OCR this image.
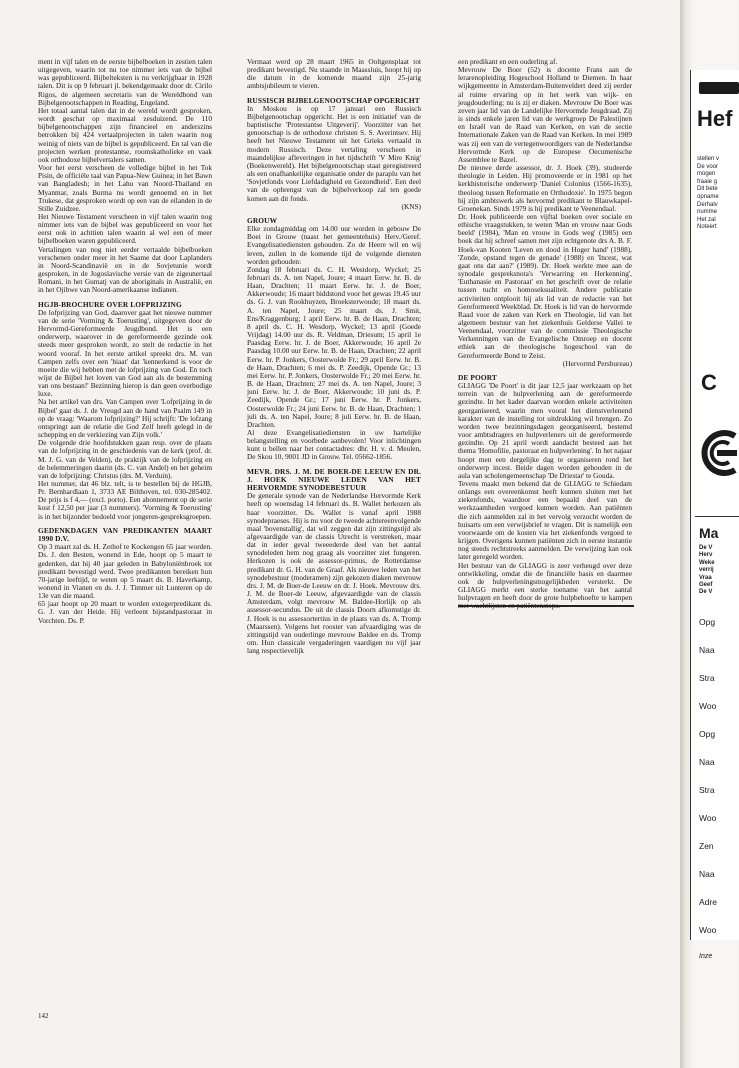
ment in vijf talen en de eerste bijbelboeken in zestien talen uitgegeven, waarin tot nu toe nimmer iets van de bijbel was gepubliceerd. Bijbelteksten is nu verkrijgbaar in 1928 talen. Dit is op 9 februari jl. bekendgemaakt door dr. Cirilo Rigos, de algemeen secretaris van de Wereldbond van Bijbelgenootschappen in Reading, Engeland.

Het totaal aantal talen dat in de wereld wordt gesproken, wordt geschat op maximaal zesduizend. De 110 bijbelgenootschappen zijn financieel en anderszins betrokken bij 424 vertaalprojecten in talen waarin nog weinig of niets van de bijbel is gepubliceerd. En tal van die projecten werken protestantse, roomskatholieke en vaak ook orthodoxe bijbelvertalers samen.

Voor het eerst verscheen de volledige bijbel in het Tok Pisin, de officiële taal van Papua-New Guinea; in het Bawn van Bangladesh; in het Lahu van Noord-Thailand en Myanmar, zoals Burma nu wordt genoemd en in het Trukese, dat gesproken wordt op een van de eilanden in de Stille Zuidzee.

Het Nieuwe Testament verscheen in vijf talen waarin nog nimmer iets van de bijbel was gepubliceerd en voor het eerst ook in achttien talen waarin al wel een of meer bijbelboeken waren gepubliceerd.

Vertalingen van nog niet eerder vertaalde bijbelboeken verschenen onder meer in het Saame dat door Laplanders in Noord-Scandinavië en in de Sovjetunie wordt gesproken, in de Jogoslavische versie van de zigeunertaal Romani, in het Gumatj van de aboriginals in Australië, en in het Ojibwe van Noord-amerikaanse indianen.

HGJB-BROCHURE OVER LOFPRIJZING

De lofprijzing van God, daarover gaat het nieuwe nummer van de serie 'Vorming & Toerusting', uitgegeven door de Hervormd-Gereformeerde Jeugdbond. Het is een onderwerp, waarover in de gereformeerde gezinde ook steeds meer gesproken wordt, zo stelt de redactie in het woord vooraf. In het eerste artikel spreekt drs. M. van Campen zelfs over een 'hiaat' dat 'kennerkend is voor de moeite die wij hebben met de lofprijzing van God. En toch wijst de Bijbel het loven van God aan als de bestemming van ons bestaan!' Bezinning hierop is dan geen overbodige luxe.

Na het artikel van drs. Van Campen over 'Lofprijzing in de Bijbel' gaat ds. J. de Vreugd aan de hand van Psalm 149 in op de vraag: 'Waarom lofprijzing?' Hij schrijft: 'De lofzang ontspringt aan de relatie die God Zelf heeft gelegd in de schepping en de verkiezing van Zijn volk.'

De volgende drie hoofdstukken gaan resp. over de plaats van de lofprijzing in de geschiedenis van de kerk (prof. dr. M. J. G. van de Velden), de praktijk van de lofprijzing en de belemmeringen daarin (ds. C. van Andel) en het geheim van de lofprijzing: Christus (drs. M. Verduin).

Het nummer, dat 46 blz. telt, is te bestellen bij de HGJB, Pr. Bernhardlaan 1, 3733 AE Bilthoven, tel. 030-285402. De prijs is f 4,— (excl. porto). Een abonnement op de serie kost f 12,50 per jaar (3 nummers). 'Vorming & Toerusting' is in het bijzonder bedoeld voor jongeren-gespreksgroepen.

GEDENKDAGEN VAN PREDIKANTEN MAART 1990 D.V.

Op 3 maart zal ds. H. Zethof te Kockengen 65 jaar worden. Ds. J. den Besten, wonend in Ede, hoopt op 5 maart te gedenken, dat hij 40 jaar geleden in Babyloniënbroek tot predikant bevestigd werd. Twee predikanten bereiken hun 70-jarige leeftijd, te weten op 5 maart ds. B. Haverkamp, wonend in Vianen en ds. J. J. Timmer uit Lunteren op de 13e van die maand.

65 jaar hoopt op 20 maart te worden extegerpredikant ds. G. J. van der Heide. Hij verleent bijstandpastoraat in Vorchten. Ds. P.

Vermaat werd op 28 maart 1965 in Ooltgensplaat tot predikant bevestigd. Nu staande in Maassluis, hoopt hij op die datum in de komende maand zijn 25-jarig ambtsjubileum te vieren.

RUSSISCH BIJBELGENOOTSCHAP OPGERICHT

In Moskou is op 17 januari een Russisch Bijbelgenootschap opgericht. Het is een initiatief van de baptistische 'Protestantse Uitgeverij'. Voorzitter van het genootschap is de orthodoxe christen S. S. Averintsev. Hij heeft het Nieuwe Testament uit het Grieks vertaald in modern Russisch. Deze vertaling verscheen in maandelijkse afleveringen in het tijdschrift 'V Mire Knig' (Boekenwereld). Het bijbelgenootschap staat geregistreerd als een onafhankelijke organisatie onder de paraplu van het 'Sovjetfonds voor Liefdadigheid en Gezondheid'. Een deel van de opbrengst van de bijbelverkoop zal ten goede komen aan dit fonds.

(KNS)

GROUW

Elke zondagmiddag om 14.00 uur worden in gebouw De Boei in Grouw (naast het gemeentehuis) Herv./Geref. Evangelisatiediensten gehouden. Zo de Heere wil en wij leven, zullen in de komende tijd de volgende diensten worden gehouden:

Zondag 18 februari ds. C. H. Westdorp, Wyckel; 25 februari ds. A. ten Napel, Joure; 4 maart Eerw. hr. B. de Haan, Drachten; 11 maart Eerw. hr. J. de Boer, Akkerwoude; 16 maart biddstond voor het gewas 19.45 uur ds. G. J. van Rookhuyzen, Broeksterwoude; 18 maart ds. A. ten Napel, Joure; 25 maart ds. J. Smit, Ens/Kraggenburg; 1 april Eerw. hr. B. de Haan, Drachten; 8 april ds. C. H. Wesdorp, Wyckel; 13 april (Goede Vrijdag) 14.00 uur ds. R. Veldman, Driesum; 15 april 1e Paasdag Eerw. hr. J. de Boer, Akkerwoude; 16 april 2e Paasdag 10.00 uur Eerw. hr. B. de Haan, Drachten; 22 april Eerw. hr. P. Jonkers, Oosterwolde Fr.; 29 april Eerw. hr. B. de Haan, Drachten; 6 mei ds. P. Zeedijk, Opende Gr.; 13 mei Eerw. hr. P. Jonkers, Oosterwolde Fr.; 20 mei Eerw. hr. B. de Haan, Drachten; 27 mei ds. A. ten Napel, Joure; 3 juni Eerw. hr. J. de Boer, Akkerwoude; 10 juni ds. P. Zeedijk, Opende Gr.; 17 juni Eerw. hr. P. Jonkers, Oosterwolde Fr.; 24 juni Eerw. hr. B. de Haan, Drachten; 1 juli ds. A. ten Napel, Joure; 8 juli Eerw. hr. B. de Haan, Drachten.

Al deze Evangelisatiediensten in uw hartelijke belangstelling en voorbede aanbevolen! Voor inlichtingen kunt u bellen naar het contactadres: dhr. H. v. d. Meulen, De Skou 10, 9001 JD in Grouw. Tel. 05662-1856.

MEVR. DRS. J. M. DE BOER-DE LEEUW EN DR. J. HOEK NIEUWE LEDEN VAN HET HERVORMDE SYNODEBESTUUR

De generale synode van de Nederlandse Hervormde Kerk heeft op woensdag 14 februari ds. B. Wallet herkozen als haar voorzitter. Ds. Wallet is vanaf april 1988 synodepraeses. Hij is nu voor de tweede achtereenvolgende maal 'bovenstallig', dat wil zeggen dat zijn zittingstijd als afgevaardigde van de classis Utrecht is verstreken, maar dat in ieder geval tweeederde deel van het aantal synodeleden hem nog graag als voorzitter ziet fungeren. Herkozen is ook de assessor-primus, de Rotterdamse predikant dr. G. H. van de Graaf. Als nieuwe leden van het synodebestuur (moderamen) zijn gekozen diaken mevrouw drs. J. M. de Boer-de Leeuw en dr. J. Hoek. Mevrouw drs. J. M. de Boer-de Leeuw, afgevaardigde van de classis Amsterdam, volgt mevrouw M. Baldee-Horlijk op als assessor-secundus. De uit de classis Doorn afkomstige dr. J. Hoek is nu assessortertius in de plaats van ds. A. Tromp (Maarssen). Volgens het rooster van afvaardiging was de zittingstijd van ouderlinge mevrouw Baldee en ds. Tromp om. Hun classicale vergaderingen vaardigen nu vijf jaar lang respectievelijk

een predikant en een ouderling af.

Mevrouw De Boer (52) is docente Frans aan de lerarenopleiding Hogeschool Holland te Diemen. In haar wijkgemeente in Amsterdam-Buitenveldert deed zij eerder al ruime ervaring op in het werk van wijk- en jeugdouderling; nu is zij er diaken. Mevrouw De Boer was zeven jaar lid van de Landelijke Hervormde Jeugdraad. Zij is sinds enkele jaren lid van de werkgroep De Palestijnen en Israël van de Raad van Kerken, en van de sectie Internationale Zaken van de Raad van Kerken. In mei 1989 was zij een van de vertegenwoordigers van de Nederlandse Hervormde Kerk op de Europese Oecumenische Assemblee te Bazel.

De nieuwe derde assessor, dr. J. Hoek (39), studeerde theologie in Leiden. Hij promoveerde er in 1981 op het kerkhistorische onderwerp 'Daniel Colonius (1566-1635), theoloog tussen Reformatie en Orthodoxie'. In 1975 begon hij zijn ambtswerk als hervormd predikant te Blauwkapel-Groenekan. Sinds 1979 is hij predikant te Veenendaal.

Dr. Hoek publiceerde een vijftal boeken over sociale en ethische vraagstukken, te weten 'Man en vrouw naar Gods beeld' (1984), 'Man en vrouw in Gods weg' (1985) een boek dat hij schreef samen met zijn echtgenote drs A. B. F. Hoek-van Kooten 'Leven en dood in Hoger hand' (1988), 'Zonde, opstand tegen de genade' (1988) en 'Incest, wat gaat ons dat aan?' (1989). Dr. Hoek werkte mee aan de synodale gespreksnota's 'Verwarring en Herkenning', 'Euthanasie en Pastoraat' en het geschrift over de relatie tussen tucht en homoseksualiteit. Andere publicatie activiteiten ontplooit hij als lid van de redactie van het Gereformeerd Weekblad. Dr. Hoek is lid van de hervormde Raad voor de zaken van Kerk en Theologie, lid van het algemeen bestuur van het ziekenhuis Gelderse Vallei te Veenendaal, voorzitter van de commissie Theologische Verkenningen van de Evangelische Omroep en docent ethiek aan de theologische hogeschool van de Gereformeerde Bond te Zeist.

(Hervormd Persbureau)

DE POORT

GLIAGG 'De Poort' is dit jaar 12,5 jaar werkzaam op het terrein van de hulpverlening aan de gereformeerde gezindte. In het kader daarvan worden enkele activiteiten georganiseerd, waarin men vooral het dienstverlenend karakter van de instelling tot uitdrukking wil brengen. Zo worden twee bezinningsdagen georganiseerd, bestemd voor ambtsdragers en hulpverleners uit de gereformeerde gezindte. Op 21 april wordt aandacht besteed aan het thema 'Homofilie, pastoraat en hulpverlening'. In het najaar hoopt men een dergelijke dag te organiseren rond het onderwerp incest. Beide dagen worden gehouden in de aula van scholengemeenschap 'De Driestar' te Gouda.

Tevens maakt men bekend dat de GLIAGG te Schiedam onlangs een overeenkomst heeft kunnen sluiten met het ziekenfonds, waardoor een bepaald deel van de werkzaamheden vergoed kunnen worden. Aan patiënten die zich aanmelden zal in het vervolg verzocht worden de huisarts om een verwijsbrief te vragen. Dit is namelijk een voorwaarde om de kosten via het ziekenfonds vergoed te krijgen. Overigens kunnen patiënten zich in eerste instantie nog steeds rechtstreeks aanmelden. De verwijzing kan ook later geregeld worden.

Het bestuur van de GLIAGG is zeer verheugd over deze ontwikkeling, omdat die de financiële basis en daarmee ook de hulpverleningsmogelijkheden versterkt. De GLIAGG merkt een sterke toename van het aantal hulpvragen en heeft door de grote hulpbehoefte te kampen

142
Hef
stellen v
De voor
mogen
fraaie g
Dit bete
opname
Derhalv
numme
Het zal
Noteert
C
Ma
De V
Herv
Weke
verrij
Vraa
Geef
De V
Opg
Naa
Stra
Woo
Opg
Naa
Stra
Woo
Zen
Naa
Adre
Woo
Inze
